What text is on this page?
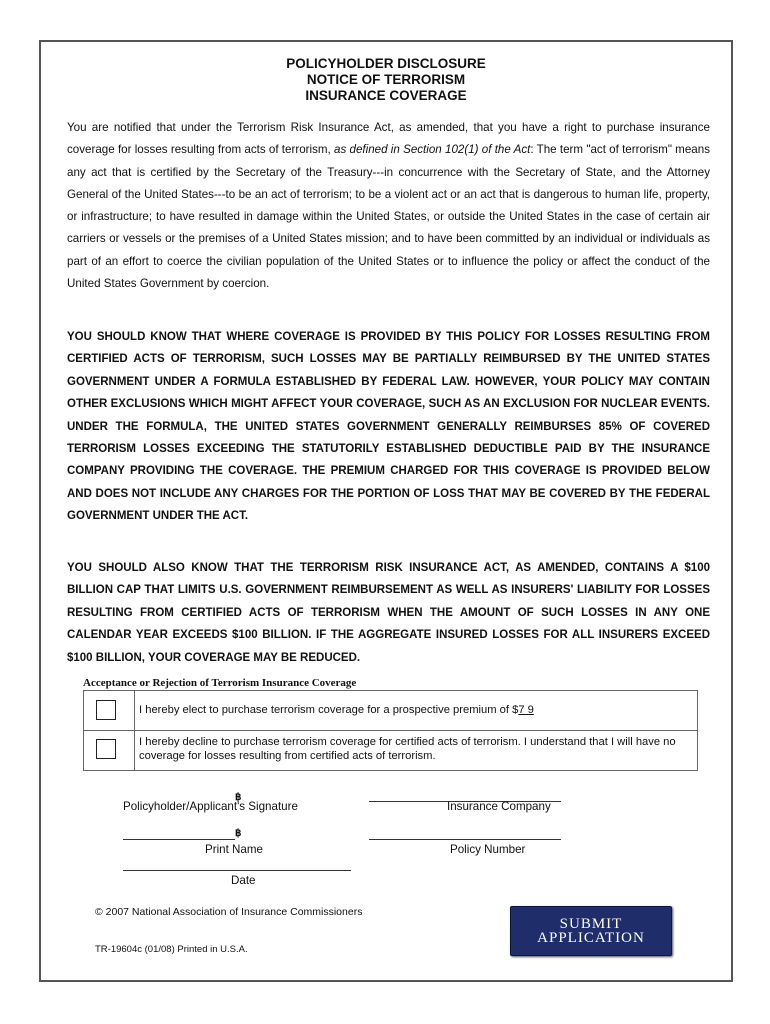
POLICYHOLDER DISCLOSURE
NOTICE OF TERRORISM
INSURANCE COVERAGE
You are notified that under the Terrorism Risk Insurance Act, as amended, that you have a right to purchase insurance coverage for losses resulting from acts of terrorism, as defined in Section 102(1) of the Act: The term "act of terrorism" means any act that is certified by the Secretary of the Treasury---in concurrence with the Secretary of State, and the Attorney General of the United States---to be an act of terrorism; to be a violent act or an act that is dangerous to human life, property, or infrastructure; to have resulted in damage within the United States, or outside the United States in the case of certain air carriers or vessels or the premises of a United States mission; and to have been committed by an individual or individuals as part of an effort to coerce the civilian population of the United States or to influence the policy or affect the conduct of the United States Government by coercion.
YOU SHOULD KNOW THAT WHERE COVERAGE IS PROVIDED BY THIS POLICY FOR LOSSES RESULTING FROM CERTIFIED ACTS OF TERRORISM, SUCH LOSSES MAY BE PARTIALLY REIMBURSED BY THE UNITED STATES GOVERNMENT UNDER A FORMULA ESTABLISHED BY FEDERAL LAW. HOWEVER, YOUR POLICY MAY CONTAIN OTHER EXCLUSIONS WHICH MIGHT AFFECT YOUR COVERAGE, SUCH AS AN EXCLUSION FOR NUCLEAR EVENTS. UNDER THE FORMULA, THE UNITED STATES GOVERNMENT GENERALLY REIMBURSES 85% OF COVERED TERRORISM LOSSES EXCEEDING THE STATUTORILY ESTABLISHED DEDUCTIBLE PAID BY THE INSURANCE COMPANY PROVIDING THE COVERAGE. THE PREMIUM CHARGED FOR THIS COVERAGE IS PROVIDED BELOW AND DOES NOT INCLUDE ANY CHARGES FOR THE PORTION OF LOSS THAT MAY BE COVERED BY THE FEDERAL GOVERNMENT UNDER THE ACT.
YOU SHOULD ALSO KNOW THAT THE TERRORISM RISK INSURANCE ACT, AS AMENDED, CONTAINS A $100 BILLION CAP THAT LIMITS U.S. GOVERNMENT REIMBURSEMENT AS WELL AS INSURERS' LIABILITY FOR LOSSES RESULTING FROM CERTIFIED ACTS OF TERRORISM WHEN THE AMOUNT OF SUCH LOSSES IN ANY ONE CALENDAR YEAR EXCEEDS $100 BILLION. IF THE AGGREGATE INSURED LOSSES FOR ALL INSURERS EXCEED $100 BILLION, YOUR COVERAGE MAY BE REDUCED.
Acceptance or Rejection of Terrorism Insurance Coverage
I hereby elect to purchase terrorism coverage for a prospective premium of $7 9
I hereby decline to purchase terrorism coverage for certified acts of terrorism. I understand that I will have no coverage for losses resulting from certified acts of terrorism.
฿
Policyholder/Applicant's Signature	Insurance Company
฿
Print Name	Policy Number
Date
© 2007 National Association of Insurance Commissioners
TR-19604c (01/08) Printed in U.S.A.
SUBMIT
APPLICATION
